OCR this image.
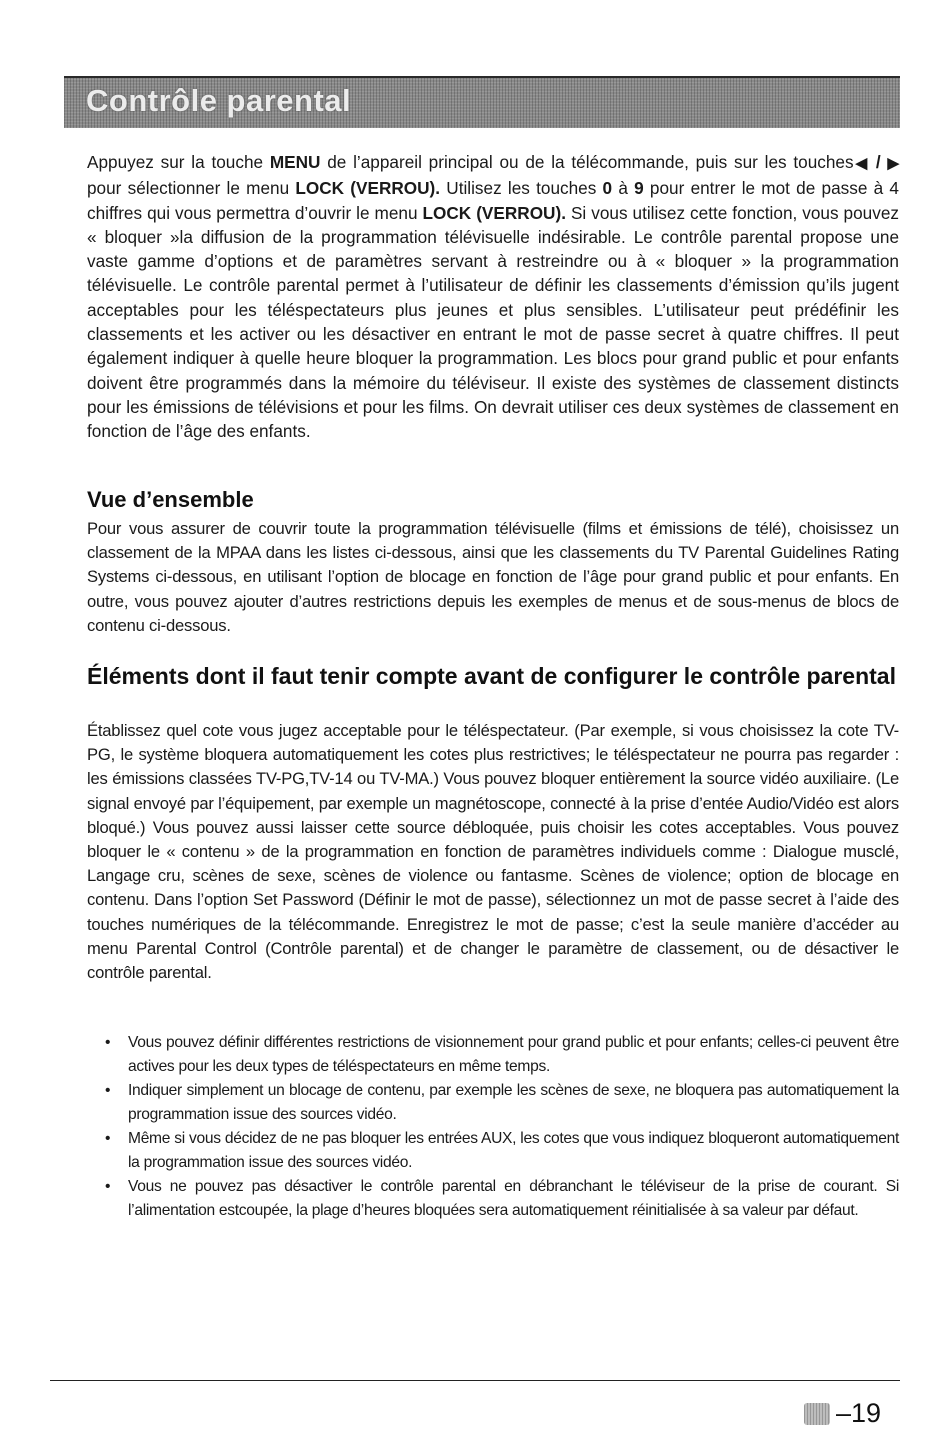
Contrôle parental

Appuyez sur la touche MENU de l’appareil principal ou de la télécommande, puis sur les touches◀ / ▶ pour sélectionner le menu LOCK (VERROU). Utilisez les touches 0 à 9 pour entrer le mot de passe à 4 chiffres qui vous permettra d’ouvrir le menu LOCK (VERROU). Si vous utilisez cette fonction, vous pouvez « bloquer »la diffusion de la programmation télévisuelle indésirable. Le contrôle parental propose une vaste gamme d’options et de paramètres servant à restreindre ou à « bloquer » la programmation télévisuelle. Le contrôle parental permet à l’utilisateur de définir les classements d’émission qu’ils jugent acceptables pour les téléspectateurs plus jeunes et plus sensibles. L’utilisateur peut prédéfinir les classements et les activer ou les désactiver en entrant le mot de passe secret à quatre chiffres. Il peut également indiquer à quelle heure bloquer la programmation. Les blocs pour grand public et pour enfants doivent être programmés dans la mémoire du téléviseur. Il existe des systèmes de classement distincts pour les émissions de télévisions et pour les films. On devrait utiliser ces deux systèmes de classement en fonction de l’âge des enfants.

Vue d’ensemble

Pour vous assurer de couvrir toute la programmation télévisuelle (films et émissions de télé), choisissez un classement de la MPAA dans les listes ci-dessous, ainsi que les classements du TV Parental Guidelines Rating Systems ci-dessous, en utilisant l’option de blocage en fonction de l’âge pour grand public et pour enfants. En outre, vous pouvez ajouter d’autres restrictions depuis les exemples de menus et de sous-menus de blocs de contenu ci-dessous.

Éléments dont il faut tenir compte avant de configurer le contrôle parental

Établissez quel cote vous jugez acceptable pour le téléspectateur. (Par exemple, si vous choisissez la cote TV- PG, le système bloquera automatiquement les cotes plus restrictives; le téléspectateur ne pourra pas regarder : les émissions classées TV-PG,TV-14 ou TV-MA.) Vous pouvez bloquer entièrement la source vidéo auxiliaire. (Le signal envoyé par l’équipement, par exemple un magnétoscope, connecté à la prise d’entée Audio/Vidéo est alors bloqué.) Vous pouvez aussi laisser cette source débloquée, puis choisir les cotes acceptables. Vous pouvez bloquer le « contenu » de la programmation en fonction de paramètres individuels comme : Dialogue musclé, Langage cru, scènes de sexe, scènes de violence ou fantasme. Scènes de violence; option de blocage en contenu. Dans l’option Set Password (Définir le mot de passe), sélectionnez un mot de passe secret à l’aide des touches numériques de la télécommande. Enregistrez le mot de passe; c’est la seule manière d’accéder au menu Parental Control (Contrôle parental) et de changer le paramètre de classement, ou de désactiver le contrôle parental.

• Vous pouvez définir différentes restrictions de visionnement pour grand public et pour enfants; celles-ci peuvent être actives pour les deux types de téléspectateurs en même temps.
• Indiquer simplement un blocage de contenu, par exemple les scènes de sexe, ne bloquera pas automatiquement la programmation issue des sources vidéo.
• Même si vous décidez de ne pas bloquer les entrées AUX, les cotes que vous indiquez bloqueront automatiquement la programmation issue des sources vidéo.
• Vous ne pouvez pas désactiver le contrôle parental en débranchant le téléviseur de la prise de courant. Si l’alimentation estcoupée, la plage d’heures bloquées sera automatiquement réinitialisée à sa valeur par défaut.
–19
